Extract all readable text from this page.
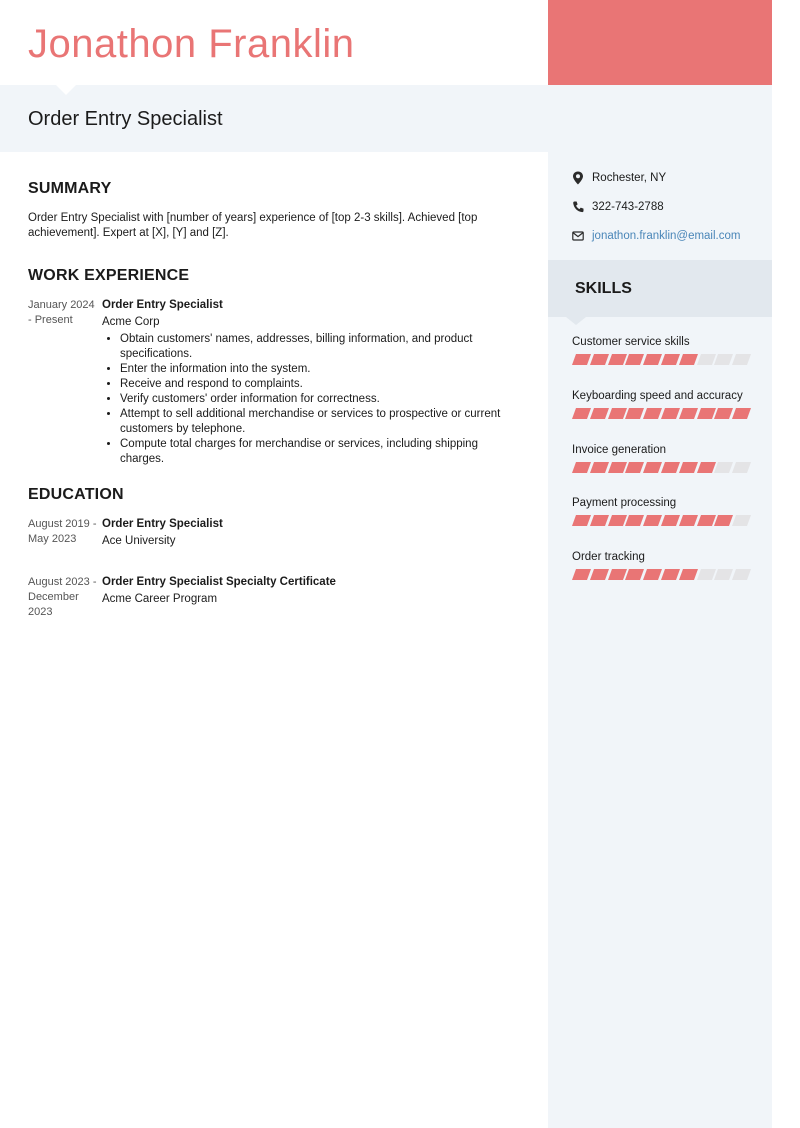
Jonathon Franklin
Order Entry Specialist
SUMMARY

Order Entry Specialist with [number of years] experience of [top 2-3 skills]. Achieved [top achievement]. Expert at [X], [Y] and [Z].

WORK EXPERIENCE
January 2024 - Present
Order Entry Specialist
Acme Corp
• Obtain customers' names, addresses, billing information, and product specifications.
• Enter the information into the system.
• Receive and respond to complaints.
• Verify customers' order information for correctness.
• Attempt to sell additional merchandise or services to prospective or current customers by telephone.
• Compute total charges for merchandise or services, including shipping charges.
EDUCATION
August 2019 - May 2023
Order Entry Specialist
Ace University
August 2023 - December 2023
Order Entry Specialist Specialty Certificate
Acme Career Program
Rochester, NY
322-743-2788
jonathon.franklin@email.com
SKILLS
Customer service skills
Keyboarding speed and accuracy
Invoice generation
Payment processing
Order tracking
